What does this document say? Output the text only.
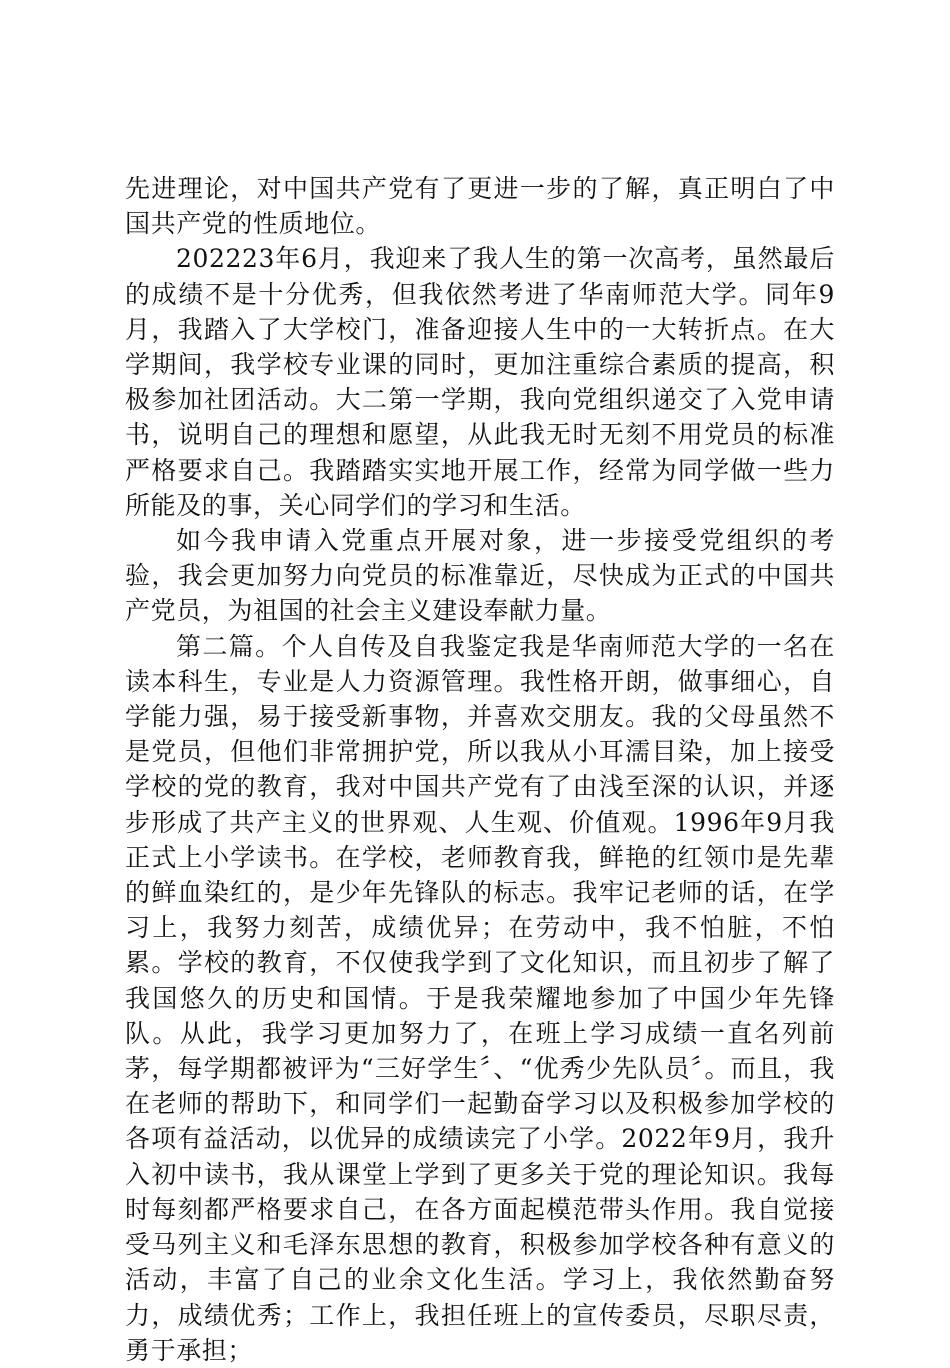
先进理论，对中国共产党有了更进一步的了解，真正明白了中国共产党的性质地位。

202223年6月，我迎来了我人生的第一次高考，虽然最后的成绩不是十分优秀，但我依然考进了华南师范大学。同年9月，我踏入了大学校门，准备迎接人生中的一大转折点。在大学期间，我学校专业课的同时，更加注重综合素质的提高，积极参加社团活动。大二第一学期，我向党组织递交了入党申请书，说明自己的理想和愿望，从此我无时无刻不用党员的标准严格要求自己。我踏踏实实地开展工作，经常为同学做一些力所能及的事，关心同学们的学习和生活。

如今我申请入党重点开展对象，进一步接受党组织的考验，我会更加努力向党员的标准靠近，尽快成为正式的中国共产党员，为祖国的社会主义建设奉献力量。

第二篇。个人自传及自我鉴定我是华南师范大学的一名在读本科生，专业是人力资源管理。我性格开朗，做事细心，自学能力强，易于接受新事物，并喜欢交朋友。我的父母虽然不是党员，但他们非常拥护党，所以我从小耳濡目染，加上接受学校的党的教育，我对中国共产党有了由浅至深的认识，并逐步形成了共产主义的世界观、人生观、价值观。1996年9月我正式上小学读书。在学校，老师教育我，鲜艳的红领巾是先辈的鲜血染红的，是少年先锋队的标志。我牢记老师的话，在学习上，我努力刻苦，成绩优异；在劳动中，我不怕脏，不怕累。学校的教育，不仅使我学到了文化知识，而且初步了解了我国悠久的历史和国情。于是我荣耀地参加了中国少年先锋队。从此，我学习更加努力了，在班上学习成绩一直名列前茅，每学期都被评为“三好学生〞、“优秀少先队员〞。而且，我在老师的帮助下，和同学们一起勤奋学习以及积极参加学校的各项有益活动，以优异的成绩读完了小学。2022年9月，我升入初中读书，我从课堂上学到了更多关于党的理论知识。我每时每刻都严格要求自己，在各方面起模范带头作用。我自觉接受马列主义和毛泽东思想的教育，积极参加学校各种有意义的活动，丰富了自己的业余文化生活。学习上，我依然勤奋努力，成绩优秀；工作上，我担任班上的宣传委员，尽职尽责，勇于承担；
